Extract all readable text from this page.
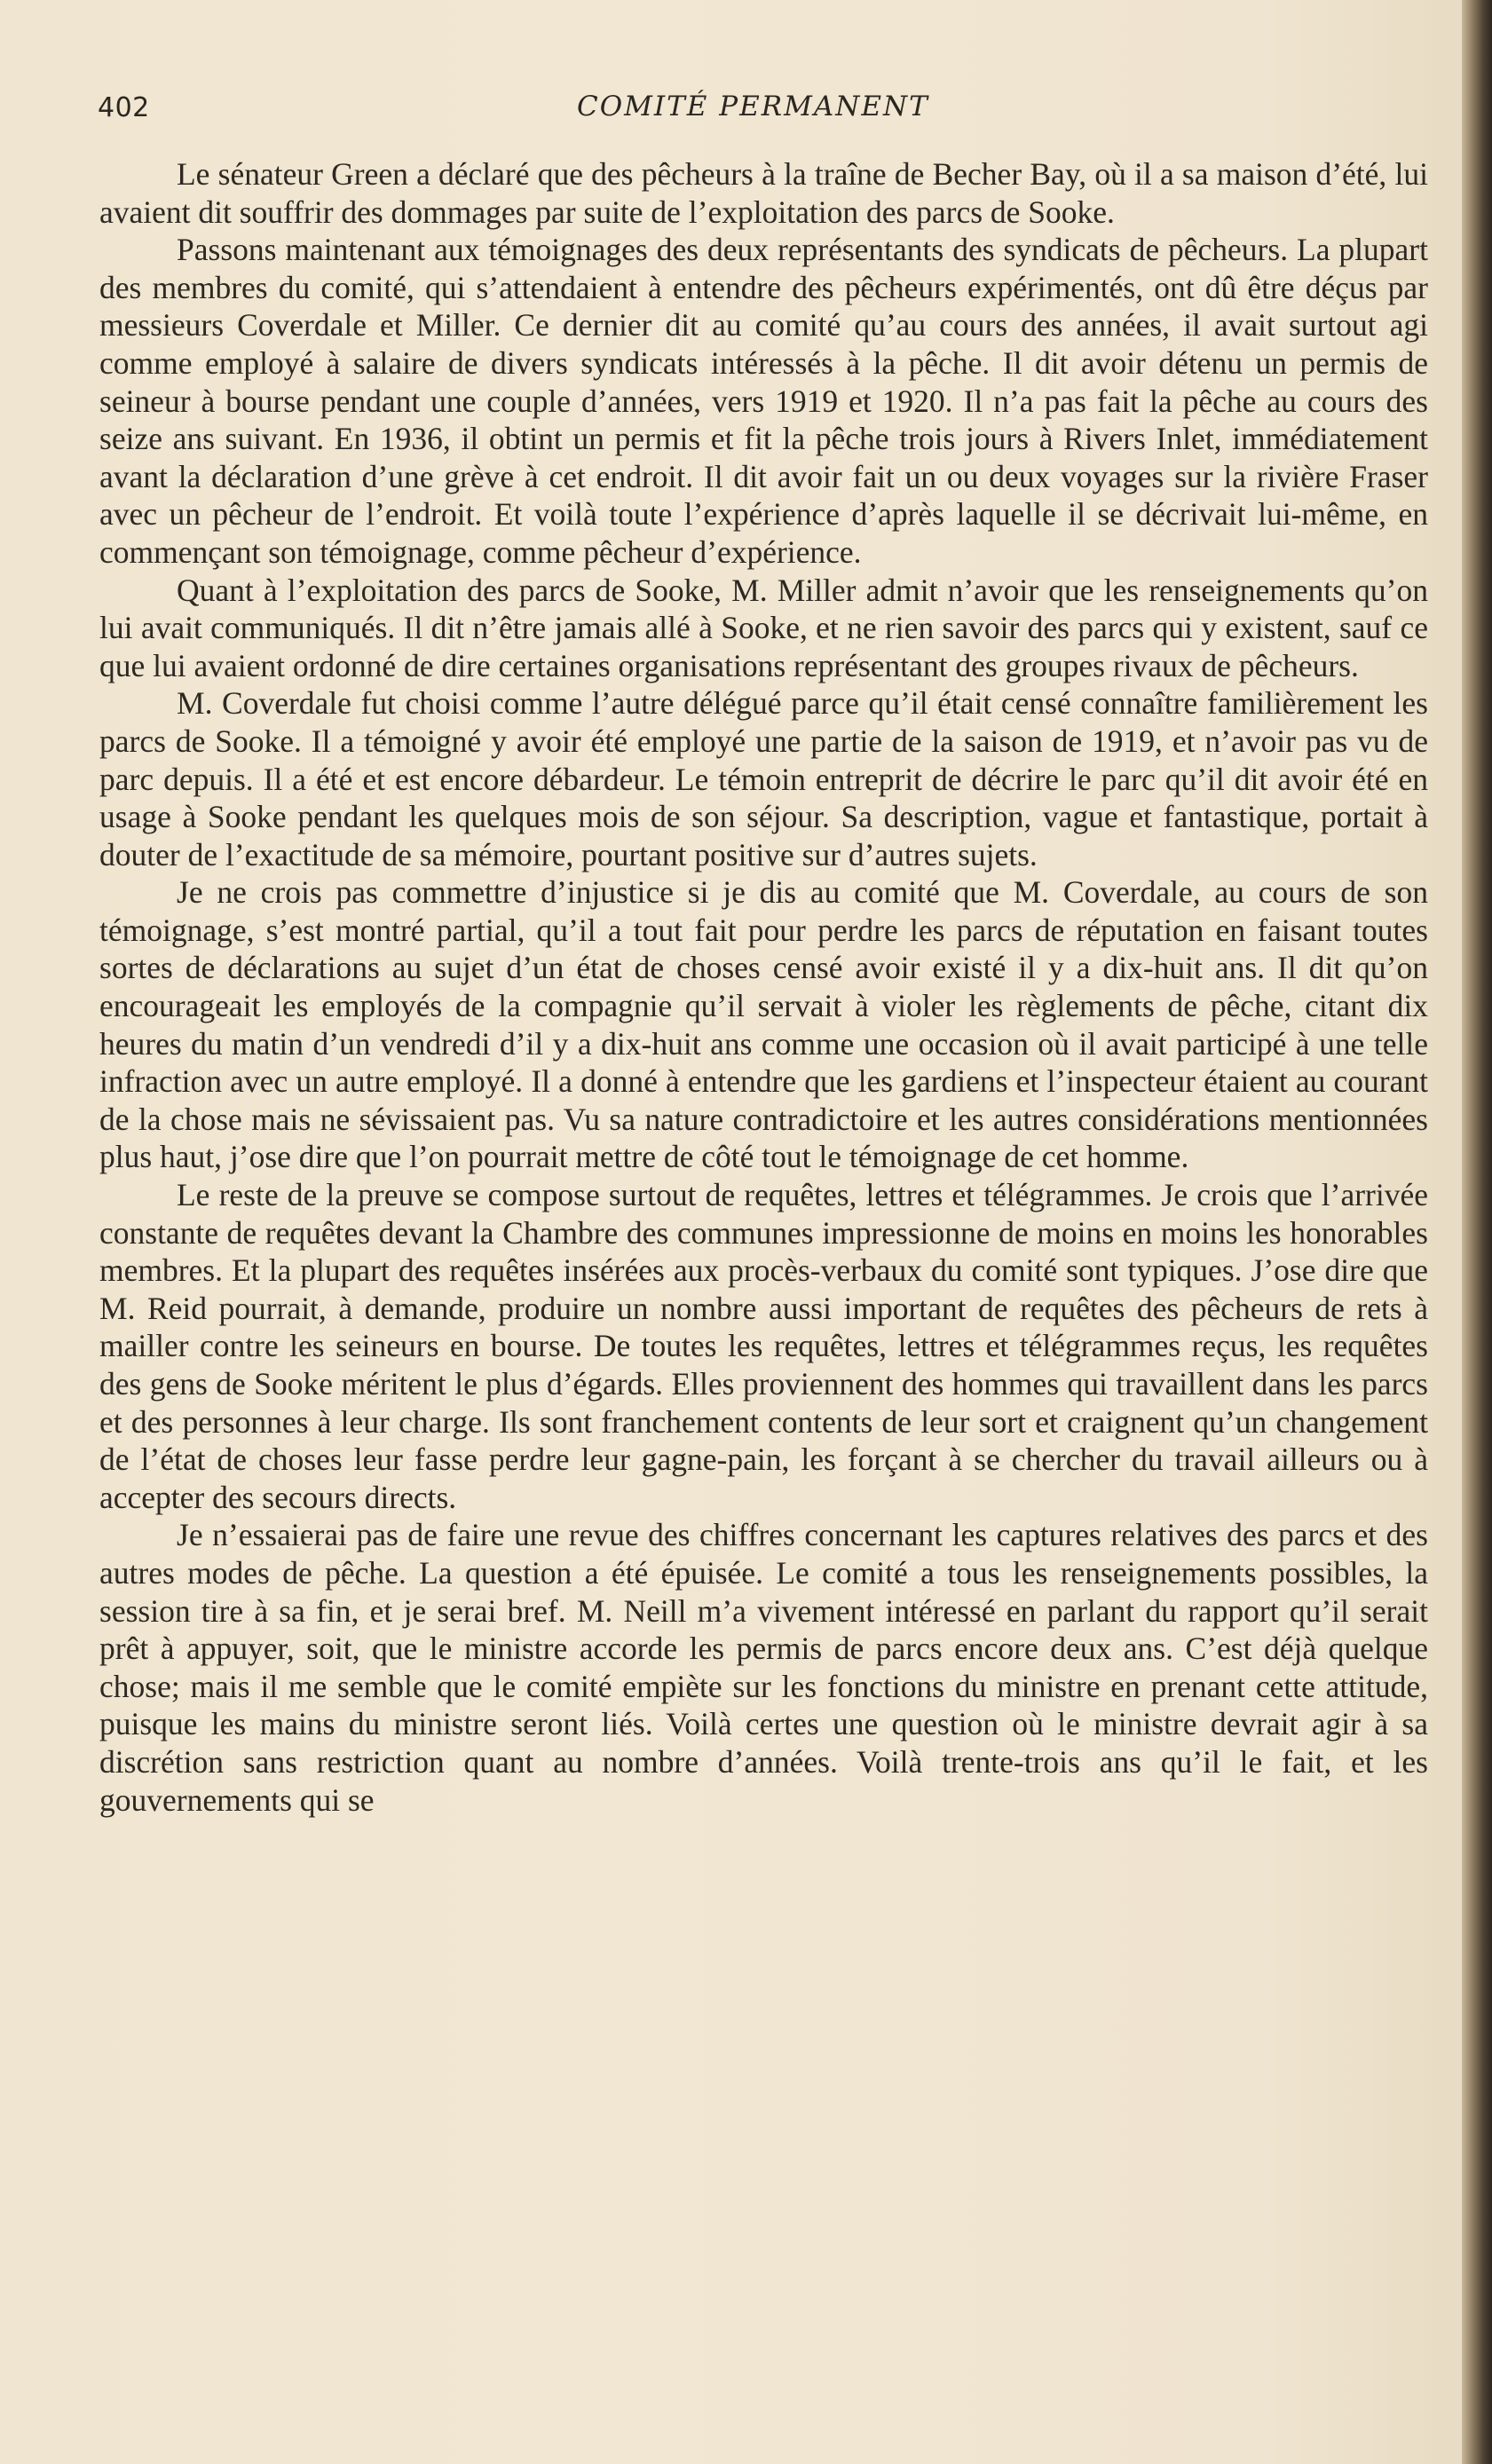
402	COMITÉ PERMANENT

Le sénateur Green a déclaré que des pêcheurs à la traîne de Becher Bay, où il a sa maison d’été, lui avaient dit souffrir des dommages par suite de l’exploitation des parcs de Sooke.

Passons maintenant aux témoignages des deux représentants des syndicats de pêcheurs. La plupart des membres du comité, qui s’attendaient à entendre des pêcheurs expérimentés, ont dû être déçus par messieurs Coverdale et Miller. Ce dernier dit au comité qu’au cours des années, il avait surtout agi comme employé à salaire de divers syndicats intéressés à la pêche. Il dit avoir détenu un permis de seineur à bourse pendant une couple d’années, vers 1919 et 1920. Il n’a pas fait la pêche au cours des seize ans suivant. En 1936, il obtint un permis et fit la pêche trois jours à Rivers Inlet, immédiatement avant la déclaration d’une grève à cet endroit. Il dit avoir fait un ou deux voyages sur la rivière Fraser avec un pêcheur de l’endroit. Et voilà toute l’expérience d’après laquelle il se décrivait lui-même, en commençant son témoignage, comme pêcheur d’expérience.

Quant à l’exploitation des parcs de Sooke, M. Miller admit n’avoir que les renseignements qu’on lui avait communiqués. Il dit n’être jamais allé à Sooke, et ne rien savoir des parcs qui y existent, sauf ce que lui avaient ordonné de dire certaines organisations représentant des groupes rivaux de pêcheurs.

M. Coverdale fut choisi comme l’autre délégué parce qu’il était censé connaître familièrement les parcs de Sooke. Il a témoigné y avoir été employé une partie de la saison de 1919, et n’avoir pas vu de parc depuis. Il a été et est encore débardeur. Le témoin entreprit de décrire le parc qu’il dit avoir été en usage à Sooke pendant les quelques mois de son séjour. Sa description, vague et fantastique, portait à douter de l’exactitude de sa mémoire, pourtant positive sur d’autres sujets.

Je ne crois pas commettre d’injustice si je dis au comité que M. Coverdale, au cours de son témoignage, s’est montré partial, qu’il a tout fait pour perdre les parcs de réputation en faisant toutes sortes de déclarations au sujet d’un état de choses censé avoir existé il y a dix-huit ans. Il dit qu’on encourageait les employés de la compagnie qu’il servait à violer les règlements de pêche, citant dix heures du matin d’un vendredi d’il y a dix-huit ans comme une occasion où il avait participé à une telle infraction avec un autre employé. Il a donné à entendre que les gardiens et l’inspecteur étaient au courant de la chose mais ne sévissaient pas. Vu sa nature contradictoire et les autres considérations mentionnées plus haut, j’ose dire que l’on pourrait mettre de côté tout le témoignage de cet homme.

Le reste de la preuve se compose surtout de requêtes, lettres et télégrammes. Je crois que l’arrivée constante de requêtes devant la Chambre des communes impressionne de moins en moins les honorables membres. Et la plupart des requêtes insérées aux procès-verbaux du comité sont typiques. J’ose dire que M. Reid pourrait, à demande, produire un nombre aussi important de requêtes des pêcheurs de rets à mailler contre les seineurs en bourse. De toutes les requêtes, lettres et télégrammes reçus, les requêtes des gens de Sooke méritent le plus d’égards. Elles proviennent des hommes qui travaillent dans les parcs et des personnes à leur charge. Ils sont franchement contents de leur sort et craignent qu’un changement de l’état de choses leur fasse perdre leur gagne-pain, les forçant à se chercher du travail ailleurs ou à accepter des secours directs.

Je n’essaierai pas de faire une revue des chiffres concernant les captures relatives des parcs et des autres modes de pêche. La question a été épuisée. Le comité a tous les renseignements possibles, la session tire à sa fin, et je serai bref. M. Neill m’a vivement intéressé en parlant du rapport qu’il serait prêt à appuyer, soit, que le ministre accorde les permis de parcs encore deux ans. C’est déjà quelque chose; mais il me semble que le comité empiète sur les fonctions du ministre en prenant cette attitude, puisque les mains du ministre seront liés. Voilà certes une question où le ministre devrait agir à sa discrétion sans restriction quant au nombre d’années. Voilà trente-trois ans qu’il le fait, et les gouvernements qui se
